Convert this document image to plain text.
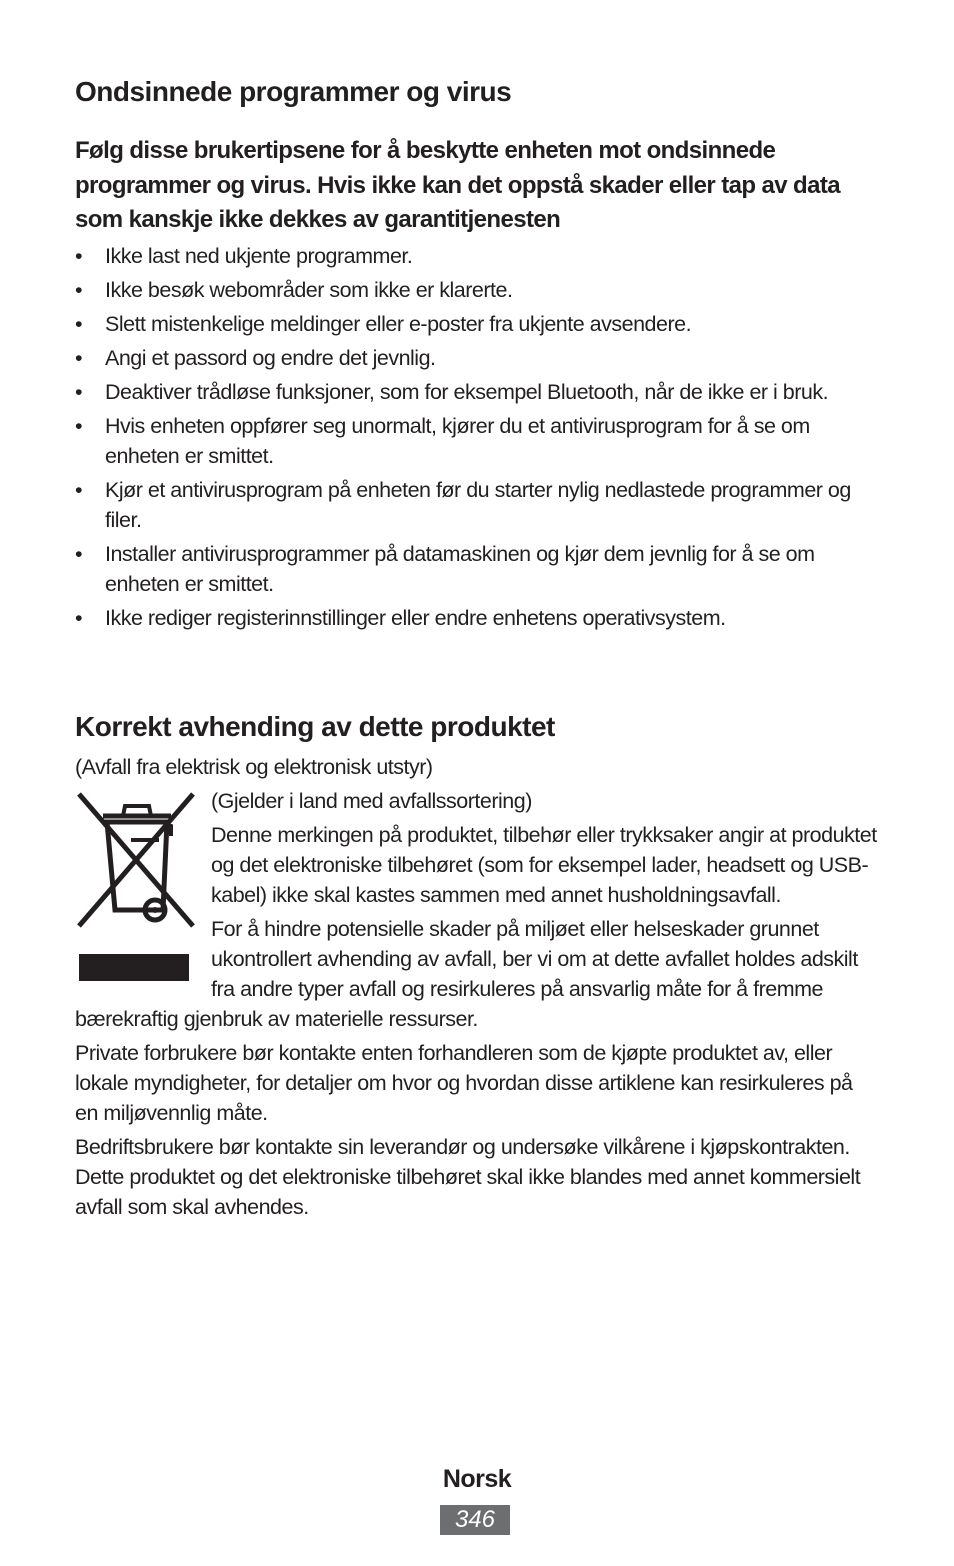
Ondsinnede programmer og virus

Følg disse brukertipsene for å beskytte enheten mot ondsinnede programmer og virus. Hvis ikke kan det oppstå skader eller tap av data som kanskje ikke dekkes av garantitjenesten

• Ikke last ned ukjente programmer.
• Ikke besøk webområder som ikke er klarerte.
• Slett mistenkelige meldinger eller e-poster fra ukjente avsendere.
• Angi et passord og endre det jevnlig.
• Deaktiver trådløse funksjoner, som for eksempel Bluetooth, når de ikke er i bruk.
• Hvis enheten oppfører seg unormalt, kjører du et antivirusprogram for å se om enheten er smittet.
• Kjør et antivirusprogram på enheten før du starter nylig nedlastede programmer og filer.
• Installer antivirusprogrammer på datamaskinen og kjør dem jevnlig for å se om enheten er smittet.
• Ikke rediger registerinnstillinger eller endre enhetens operativsystem.
Korrekt avhending av dette produktet

(Avfall fra elektrisk og elektronisk utstyr)

(Gjelder i land med avfallssortering)

Denne merkingen på produktet, tilbehør eller trykksaker angir at produktet og det elektroniske tilbehøret (som for eksempel lader, headsett og USB-kabel) ikke skal kastes sammen med annet husholdningsavfall.

For å hindre potensielle skader på miljøet eller helseskader grunnet ukontrollert avhending av avfall, ber vi om at dette avfallet holdes adskilt fra andre typer avfall og resirkuleres på ansvarlig måte for å fremme bærekraftig gjenbruk av materielle ressurser.

Private forbrukere bør kontakte enten forhandleren som de kjøpte produktet av, eller lokale myndigheter, for detaljer om hvor og hvordan disse artiklene kan resirkuleres på en miljøvennlig måte.

Bedriftsbrukere bør kontakte sin leverandør og undersøke vilkårene i kjøpskontrakten. Dette produktet og det elektroniske tilbehøret skal ikke blandes med annet kommersielt avfall som skal avhendes.

Norsk
346
